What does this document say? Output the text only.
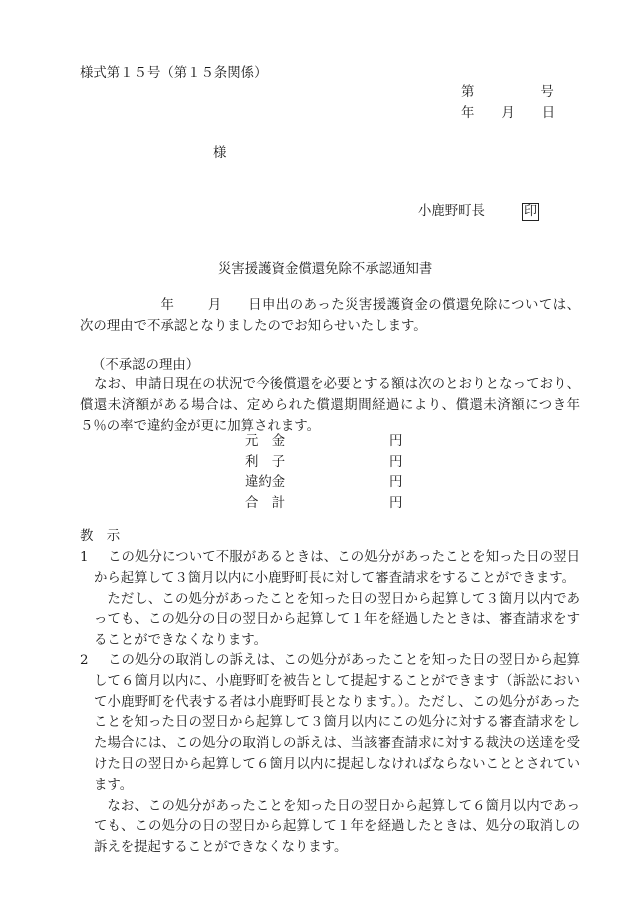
様式第１５号（第１５条関係）
第	号
年 月 日
様
小鹿野町長	印
災害援護資金償還免除不承認通知書
年 月 日申出のあった災害援護資金の償還免除については、次の理由で不承認となりましたのでお知らせいたします。
（不承認の理由）
なお、申請日現在の状況で今後償還を必要とする額は次のとおりとなっており、償還未済額がある場合は、定められた償還期間経過により、償還未済額につき年５％の率で違約金が更に加算されます。
元　金	円
利　子	円
違約金	円
合　計	円
教　示
1	この処分について不服があるときは、この処分があったことを知った日の翌日から起算して３箇月以内に小鹿野町長に対して審査請求をすることができます。

ただし、この処分があったことを知った日の翌日から起算して３箇月以内であっても、この処分の日の翌日から起算して１年を経過したときは、審査請求をすることができなくなります。

2	この処分の取消しの訴えは、この処分があったことを知った日の翌日から起算して６箇月以内に、小鹿野町を被告として提起することができます（訴訟において小鹿野町を代表する者は小鹿野町長となります。）。ただし、この処分があったことを知った日の翌日から起算して３箇月以内にこの処分に対する審査請求をした場合には、この処分の取消しの訴えは、当該審査請求に対する裁決の送達を受けた日の翌日から起算して６箇月以内に提起しなければならないこととされています。

なお、この処分があったことを知った日の翌日から起算して６箇月以内であっても、この処分の日の翌日から起算して１年を経過したときは、処分の取消しの訴えを提起することができなくなります。
